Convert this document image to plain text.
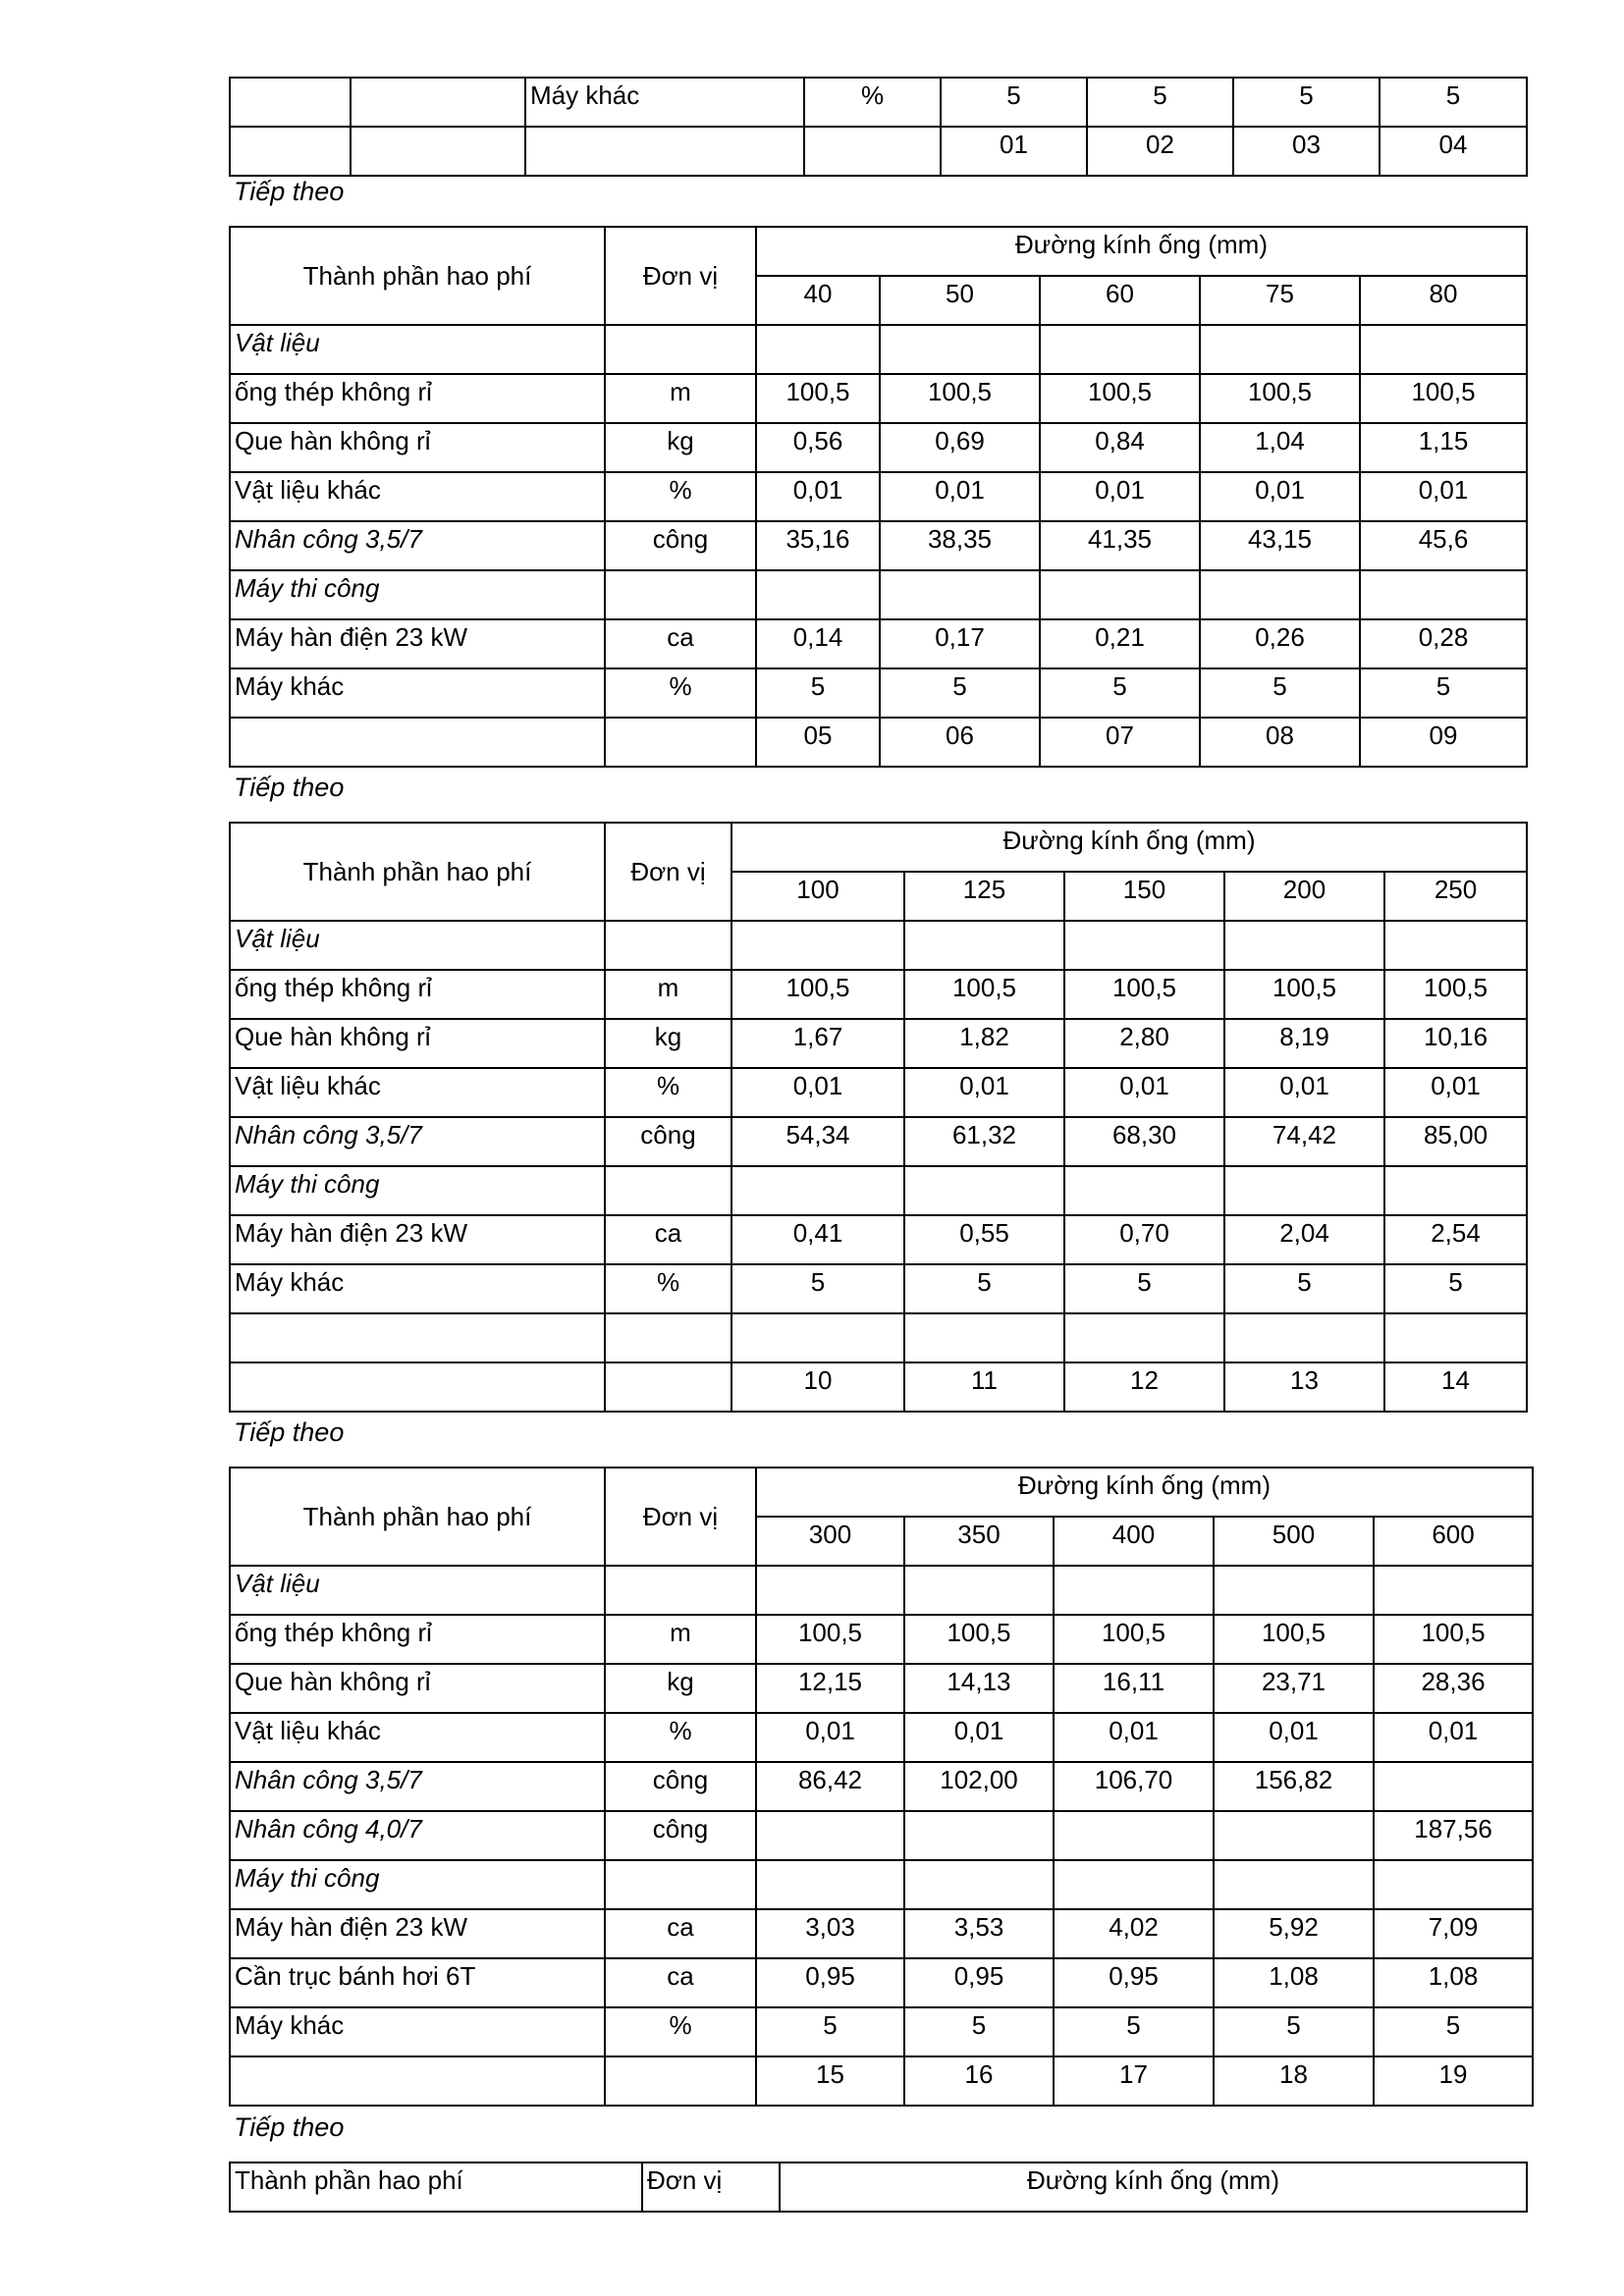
		Máy khác	%	5	5	5	5
				01	02	03	04
Tiếp theo
Thành phần hao phí	Đơn vị	Đường kính ống (mm)				
		40	50	60	75	80
Vật liệu						
ống thép không rỉ	m	100,5	100,5	100,5	100,5	100,5
Que hàn không rỉ	kg	0,56	0,69	0,84	1,04	1,15
Vật liệu khác	%	0,01	0,01	0,01	0,01	0,01
Nhân công 3,5/7	công	35,16	38,35	41,35	43,15	45,6
Máy thi công						
Máy hàn điện 23 kW	ca	0,14	0,17	0,21	0,26	0,28
Máy khác	%	5	5	5	5	5
		05	06	07	08	09
Tiếp theo
Thành phần hao phí	Đơn vị	Đường kính ống (mm)				
		100	125	150	200	250
Vật liệu						
ống thép không rỉ	m	100,5	100,5	100,5	100,5	100,5
Que hàn không rỉ	kg	1,67	1,82	2,80	8,19	10,16
Vật liệu khác	%	0,01	0,01	0,01	0,01	0,01
Nhân công 3,5/7	công	54,34	61,32	68,30	74,42	85,00
Máy thi công						
Máy hàn điện 23 kW	ca	0,41	0,55	0,70	2,04	2,54
Máy khác	%	5	5	5	5	5

		10	11	12	13	14
Tiếp theo
Thành phần hao phí	Đơn vị	Đường kính ống (mm)				
		300	350	400	500	600
Vật liệu						
ống thép không rỉ	m	100,5	100,5	100,5	100,5	100,5
Que hàn không rỉ	kg	12,15	14,13	16,11	23,71	28,36
Vật liệu khác	%	0,01	0,01	0,01	0,01	0,01
Nhân công 3,5/7	công	86,42	102,00	106,70	156,82	
Nhân công 4,0/7	công					187,56
Máy thi công						
Máy hàn điện 23 kW	ca	3,03	3,53	4,02	5,92	7,09
Cần trục bánh hơi 6T	ca	0,95	0,95	0,95	1,08	1,08
Máy khác	%	5	5	5	5	5
		15	16	17	18	19
Tiếp theo
Thành phần hao phí	Đơn vị	Đường kính ống (mm)
